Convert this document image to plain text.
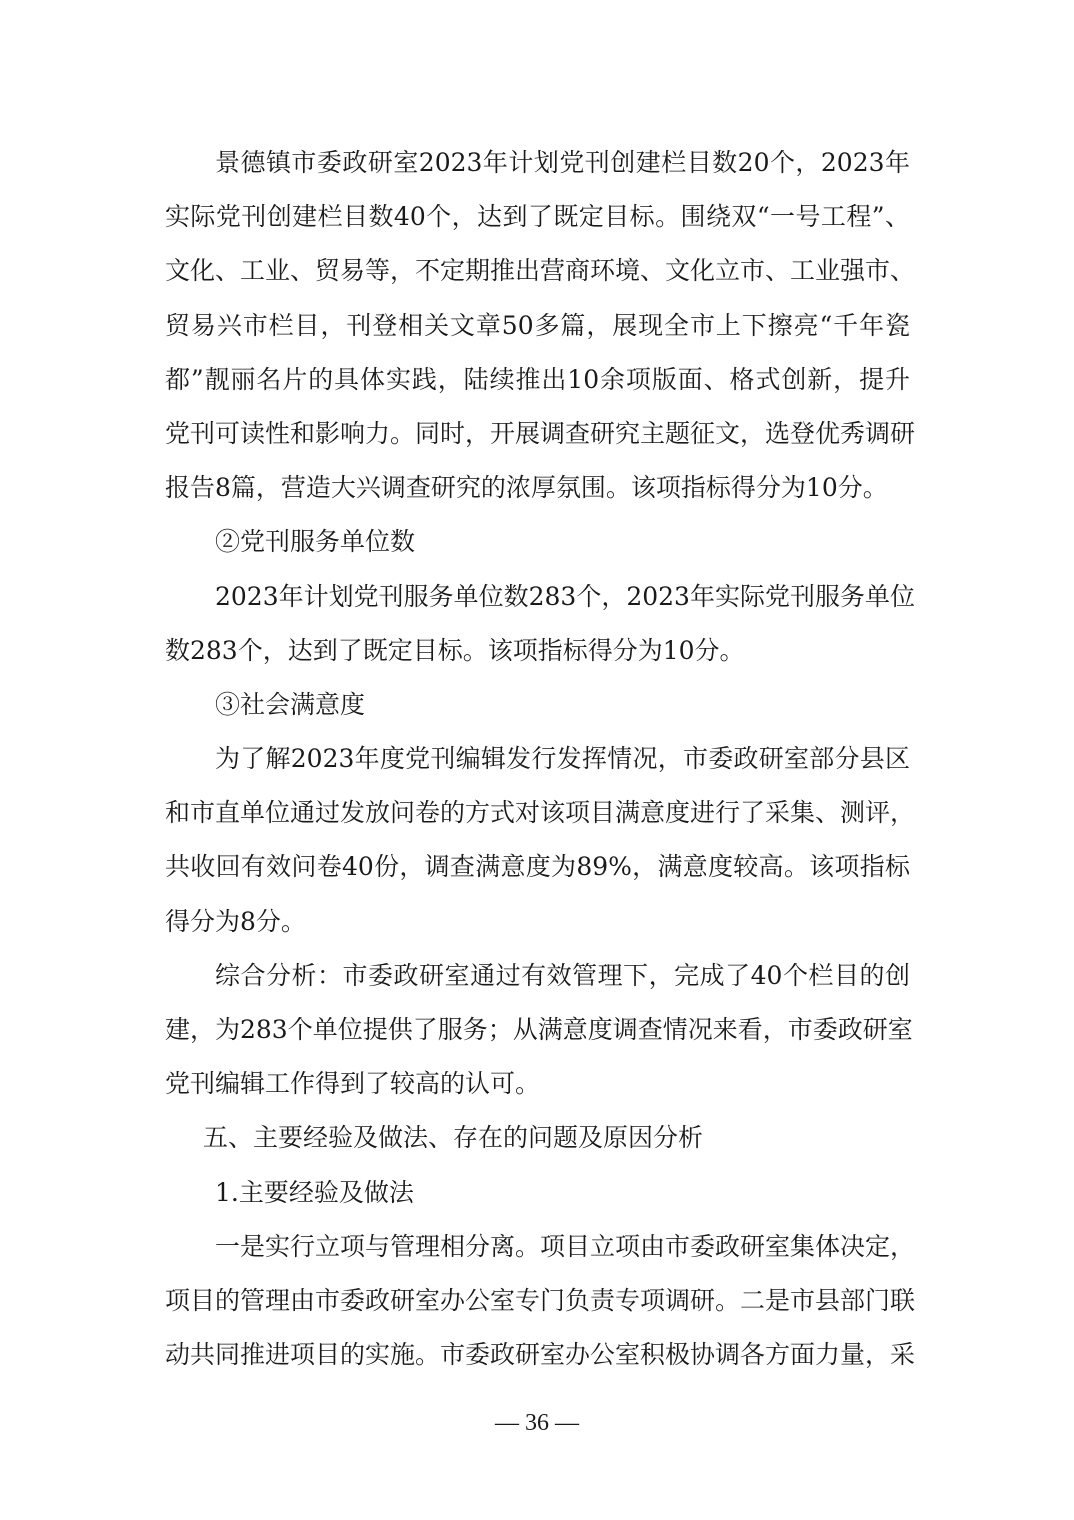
景德镇市委政研室2023年计划党刊创建栏目数20个，2023年
实际党刊创建栏目数40个，达到了既定目标。围绕双“一号工程”、
文化、工业、贸易等，不定期推出营商环境、文化立市、工业强市、
贸易兴市栏目，刊登相关文章50多篇，展现全市上下擦亮“千年瓷
都”靓丽名片的具体实践，陆续推出10余项版面、格式创新，提升
党刊可读性和影响力。同时，开展调查研究主题征文，选登优秀调研
报告8篇，营造大兴调查研究的浓厚氛围。该项指标得分为10分。
②党刊服务单位数
2023年计划党刊服务单位数283个，2023年实际党刊服务单位
数283个，达到了既定目标。该项指标得分为10分。
③社会满意度
为了解2023年度党刊编辑发行发挥情况，市委政研室部分县区
和市直单位通过发放问卷的方式对该项目满意度进行了采集、测评，
共收回有效问卷40份，调查满意度为89%，满意度较高。该项指标
得分为8分。
综合分析：市委政研室通过有效管理下，完成了40个栏目的创
建，为283个单位提供了服务；从满意度调查情况来看，市委政研室
党刊编辑工作得到了较高的认可。
五、主要经验及做法、存在的问题及原因分析
1.主要经验及做法
一是实行立项与管理相分离。项目立项由市委政研室集体决定，
项目的管理由市委政研室办公室专门负责专项调研。二是市县部门联
动共同推进项目的实施。市委政研室办公室积极协调各方面力量，采
— 36 —
